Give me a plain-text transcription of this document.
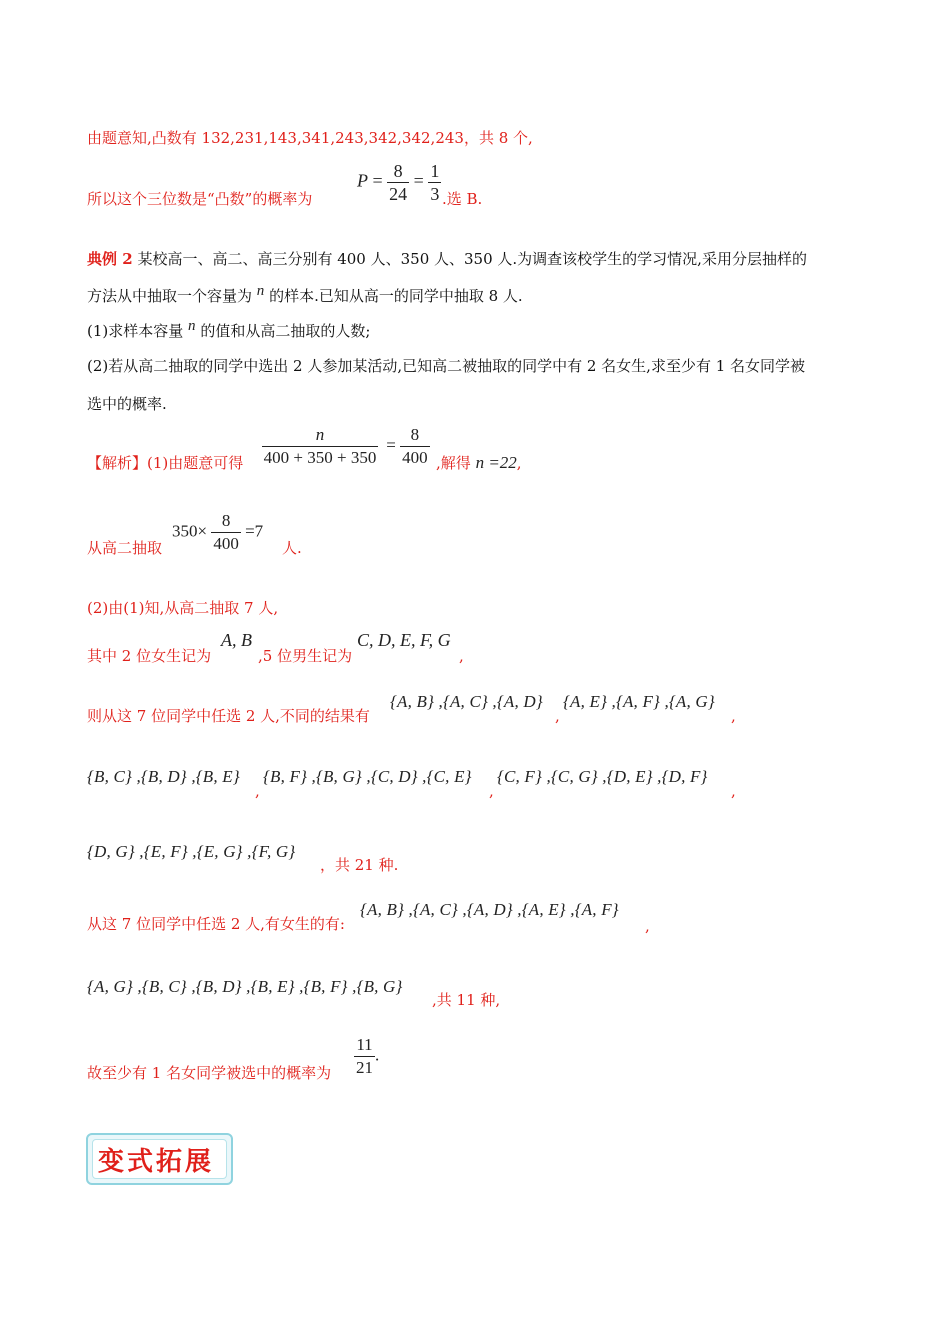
由题意知,凸数有 132,231,143,341,243,342,342,243，共 8 个,
所以这个三位数是“凸数”的概率为
$P = \frac{8}{24} = \frac{1}{3}$ .选 B.
典例 2 某校高一、高二、高三分别有 400 人、350 人、350 人.为调查该校学生的学习情况,采用分层抽样的
方法从中抽取一个容量为 n 的样本.已知从高一的同学中抽取 8 人.
(1)求样本容量 n 的值和从高二抽取的人数;
(2)若从高二抽取的同学中选出 2 人参加某活动,已知高二被抽取的同学中有 2 名女生,求至少有 1 名女同学被
选中的概率.
【解析】(1)由题意可得 $\frac{n}{400 + 350 + 350} = \frac{8}{400}$ ,解得 n =22,
从高二抽取
$350\times \frac{8}{400} =7$
人.
(2)由(1)知,从高二抽取 7 人,
其中 2 位女生记为
A, B
,5 位男生记为
C, D, E, F, G
,
则从这 7 位同学中任选 2 人,不同的结果有
{A, B} ,{A, C} ,{A, D}
,
{A, E} ,{A, F} ,{A, G}
,
{B, C} ,{B, D} ,{B, E}
,
{B, F} ,{B, G} ,{C, D} ,{C, E}
,
{C, F} ,{C, G} ,{D, E} ,{D, F}
,
{D, G} ,{E, F} ,{E, G} ,{F, G}
，共 21 种.
从这 7 位同学中任选 2 人,有女生的有:
{A, B} ,{A, C} ,{A, D} ,{A, E} ,{A, F}
,
{A, G} ,{B, C} ,{B, D} ,{B, E} ,{B, F} ,{B, G}
,共 11 种,
故至少有 1 名女同学被选中的概率为 $\frac{11}{21}$ .
变式拓展
